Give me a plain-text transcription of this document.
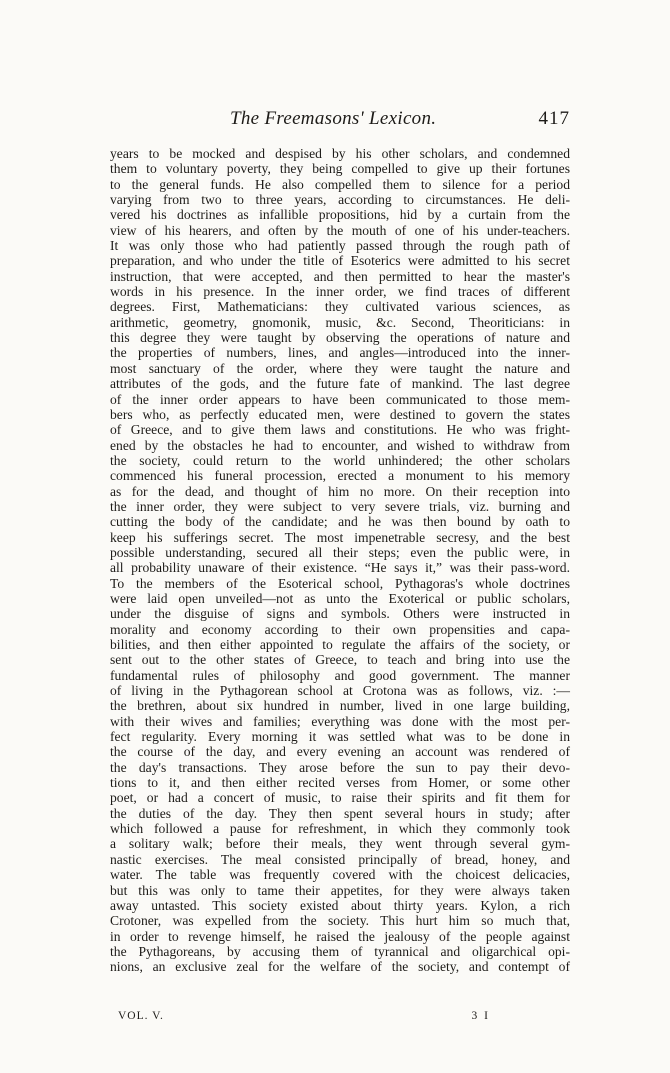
The Freemasons' Lexicon.	417
years to be mocked and despised by his other scholars, and condemned
them to voluntary poverty, they being compelled to give up their fortunes
to the general funds. He also compelled them to silence for a period
varying from two to three years, according to circumstances. He deli-
vered his doctrines as infallible propositions, hid by a curtain from the
view of his hearers, and often by the mouth of one of his under-teachers.
It was only those who had patiently passed through the rough path of
preparation, and who under the title of Esoterics were admitted to his secret
instruction, that were accepted, and then permitted to hear the master's
words in his presence. In the inner order, we find traces of different
degrees. First, Mathematicians: they cultivated various sciences, as
arithmetic, geometry, gnomonik, music, &c. Second, Theoriticians: in
this degree they were taught by observing the operations of nature and
the properties of numbers, lines, and angles—introduced into the inner-
most sanctuary of the order, where they were taught the nature and
attributes of the gods, and the future fate of mankind. The last degree
of the inner order appears to have been communicated to those mem-
bers who, as perfectly educated men, were destined to govern the states
of Greece, and to give them laws and constitutions. He who was fright-
ened by the obstacles he had to encounter, and wished to withdraw from
the society, could return to the world unhindered; the other scholars
commenced his funeral procession, erected a monument to his memory
as for the dead, and thought of him no more. On their reception into
the inner order, they were subject to very severe trials, viz. burning and
cutting the body of the candidate; and he was then bound by oath to
keep his sufferings secret. The most impenetrable secresy, and the best
possible understanding, secured all their steps; even the public were, in
all probability unaware of their existence. “He says it,” was their pass-word.
To the members of the Esoterical school, Pythagoras's whole doctrines
were laid open unveiled—not as unto the Exoterical or public scholars,
under the disguise of signs and symbols. Others were instructed in
morality and economy according to their own propensities and capa-
bilities, and then either appointed to regulate the affairs of the society, or
sent out to the other states of Greece, to teach and bring into use the
fundamental rules of philosophy and good government. The manner
of living in the Pythagorean school at Crotona was as follows, viz. :—
the brethren, about six hundred in number, lived in one large building,
with their wives and families; everything was done with the most per-
fect regularity. Every morning it was settled what was to be done in
the course of the day, and every evening an account was rendered of
the day's transactions. They arose before the sun to pay their devo-
tions to it, and then either recited verses from Homer, or some other
poet, or had a concert of music, to raise their spirits and fit them for
the duties of the day. They then spent several hours in study; after
which followed a pause for refreshment, in which they commonly took
a solitary walk; before their meals, they went through several gym-
nastic exercises. The meal consisted principally of bread, honey, and
water. The table was frequently covered with the choicest delicacies,
but this was only to tame their appetites, for they were always taken
away untasted. This society existed about thirty years. Kylon, a rich
Crotoner, was expelled from the society. This hurt him so much that,
in order to revenge himself, he raised the jealousy of the people against
the Pythagoreans, by accusing them of tyrannical and oligarchical opi-
nions, an exclusive zeal for the welfare of the society, and contempt of
VOL. V.	3 I
